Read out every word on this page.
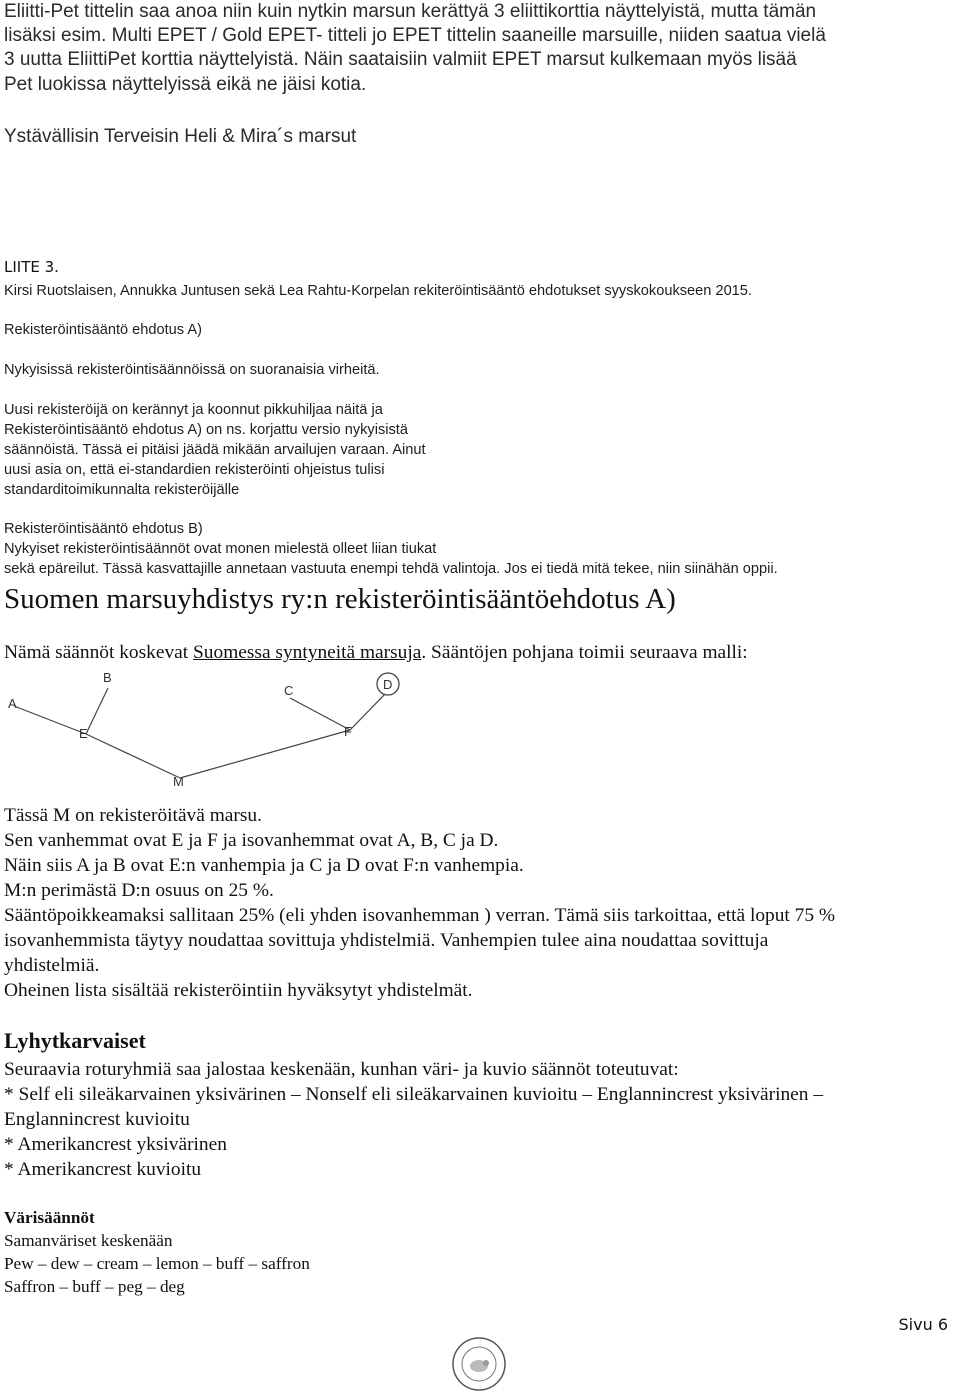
Eliitti-Pet tittelin saa anoa niin kuin nytkin marsun kerättyä 3 eliittikorttia näyttelyistä, mutta tämän

lisäksi esim. Multi EPET / Gold EPET- titteli jo EPET tittelin saaneille marsuille, niiden saatua vielä

3 uutta EliittiPet korttia näyttelyistä. Näin saataisiin valmiit EPET marsut kulkemaan myös lisää

Pet luokissa näyttelyissä eikä ne jäisi kotia.

Ystävällisin Terveisin Heli & Mira´s marsut

LIITE 3.

Kirsi Ruotslaisen, Annukka Juntusen sekä Lea Rahtu-Korpelan rekiteröintisääntö ehdotukset syyskokoukseen 2015.

Rekisteröintisääntö ehdotus A)

Nykyisissä rekisteröintisäännöissä on suoranaisia virheitä.

Uusi rekisteröijä on kerännyt ja koonnut pikkuhiljaa näitä ja

Rekisteröintisääntö ehdotus A) on ns. korjattu versio nykyisistä

säännöistä. Tässä ei pitäisi jäädä mikään arvailujen varaan. Ainut

uusi asia on, että ei-standardien rekisteröinti ohjeistus tulisi

standarditoimikunnalta rekisteröijälle

Rekisteröintisääntö ehdotus B)

Nykyiset rekisteröintisäännöt ovat monen mielestä olleet liian tiukat

sekä epäreilut. Tässä kasvattajille annetaan vastuuta enempi tehdä valintoja. Jos ei tiedä mitä tekee, niin siinähän oppii.

Suomen marsuyhdistys ry:n rekisteröintisääntöehdotus A)

Nämä säännöt koskevat Suomessa syntyneitä marsuja. Sääntöjen pohjana toimii seuraava malli:

A
B
C	D
E	F
M

Tässä M on rekisteröitävä marsu.

Sen vanhemmat ovat E ja F ja isovanhemmat ovat A, B, C ja D.

Näin siis A ja B ovat E:n vanhempia ja C ja D ovat F:n vanhempia.

M:n perimästä D:n osuus on 25 %.

Sääntöpoikkeamaksi sallitaan 25% (eli yhden isovanhemman ) verran. Tämä siis tarkoittaa, että loput 75 %

isovanhemmista täytyy noudattaa sovittuja yhdistelmiä. Vanhempien tulee aina noudattaa sovittuja

yhdistelmiä.

Oheinen lista sisältää rekisteröintiin hyväksytyt yhdistelmät.

Lyhytkarvaiset

Seuraavia roturyhmiä saa jalostaa keskenään, kunhan väri- ja kuvio säännöt toteutuvat:

* Self eli sileäkarvainen yksivärinen – Nonself eli sileäkarvainen kuvioitu – Englannincrest yksivärinen –

Englannincrest kuvioitu

* Amerikancrest yksivärinen

* Amerikancrest kuvioitu

Värisäännöt

Samanväriset keskenään

Pew – dew – cream – lemon – buff – saffron

Saffron – buff – peg – deg

Sivu 6
